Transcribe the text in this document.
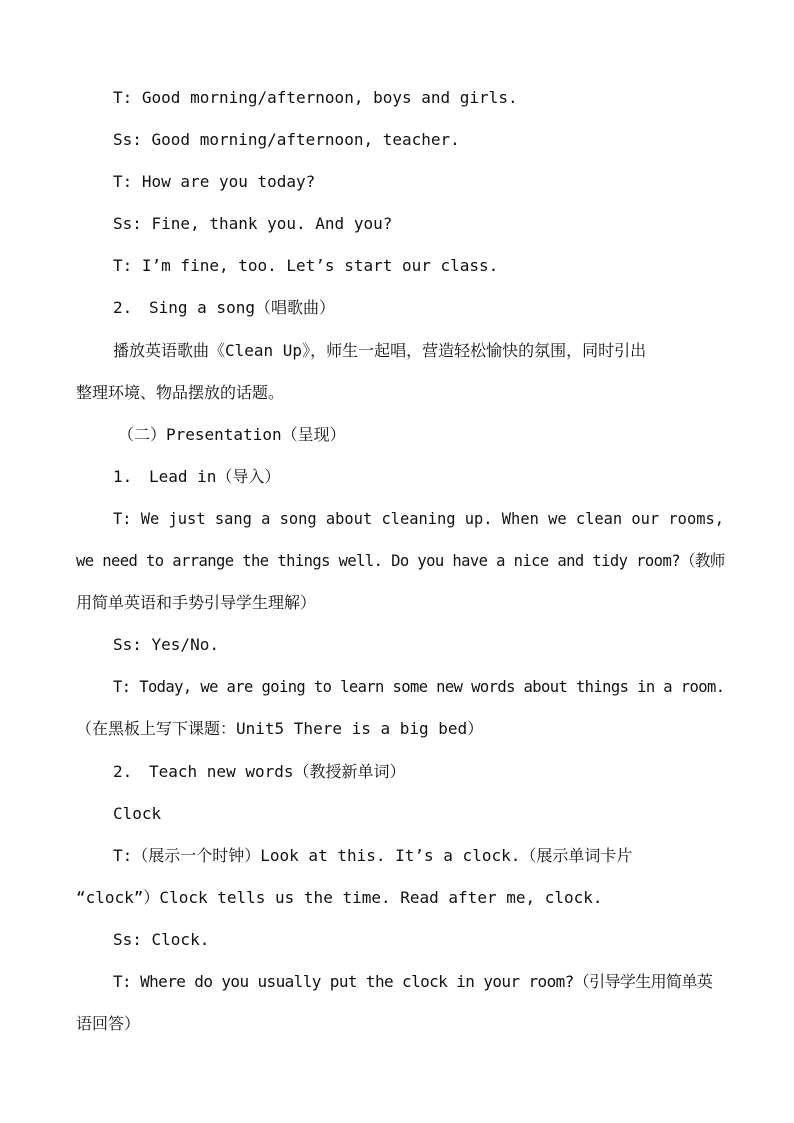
T: Good morning/afternoon, boys and girls.
Ss: Good morning/afternoon, teacher.
T: How are you today?
Ss: Fine, thank you. And you?
T: I’m fine, too. Let’s start our class.
2. Sing a song（唱歌曲）
播放英语歌曲《Clean Up》，师生一起唱，营造轻松愉快的氛围，同时引出
整理环境、物品摆放的话题。
（二）Presentation（呈现）
1. Lead in（导入）
T: We just sang a song about cleaning up. When we clean our rooms,
we need to arrange the things well. Do you have a nice and tidy room?（教师
用简单英语和手势引导学生理解）
Ss: Yes/No.
T: Today, we are going to learn some new words about things in a room.
（在黑板上写下课题：Unit5 There is a big bed）
2. Teach new words（教授新单词）
Clock
T:（展示一个时钟）Look at this. It’s a clock.（展示单词卡片
“clock”）Clock tells us the time. Read after me, clock.
Ss: Clock.
T: Where do you usually put the clock in your room?（引导学生用简单英
语回答）
